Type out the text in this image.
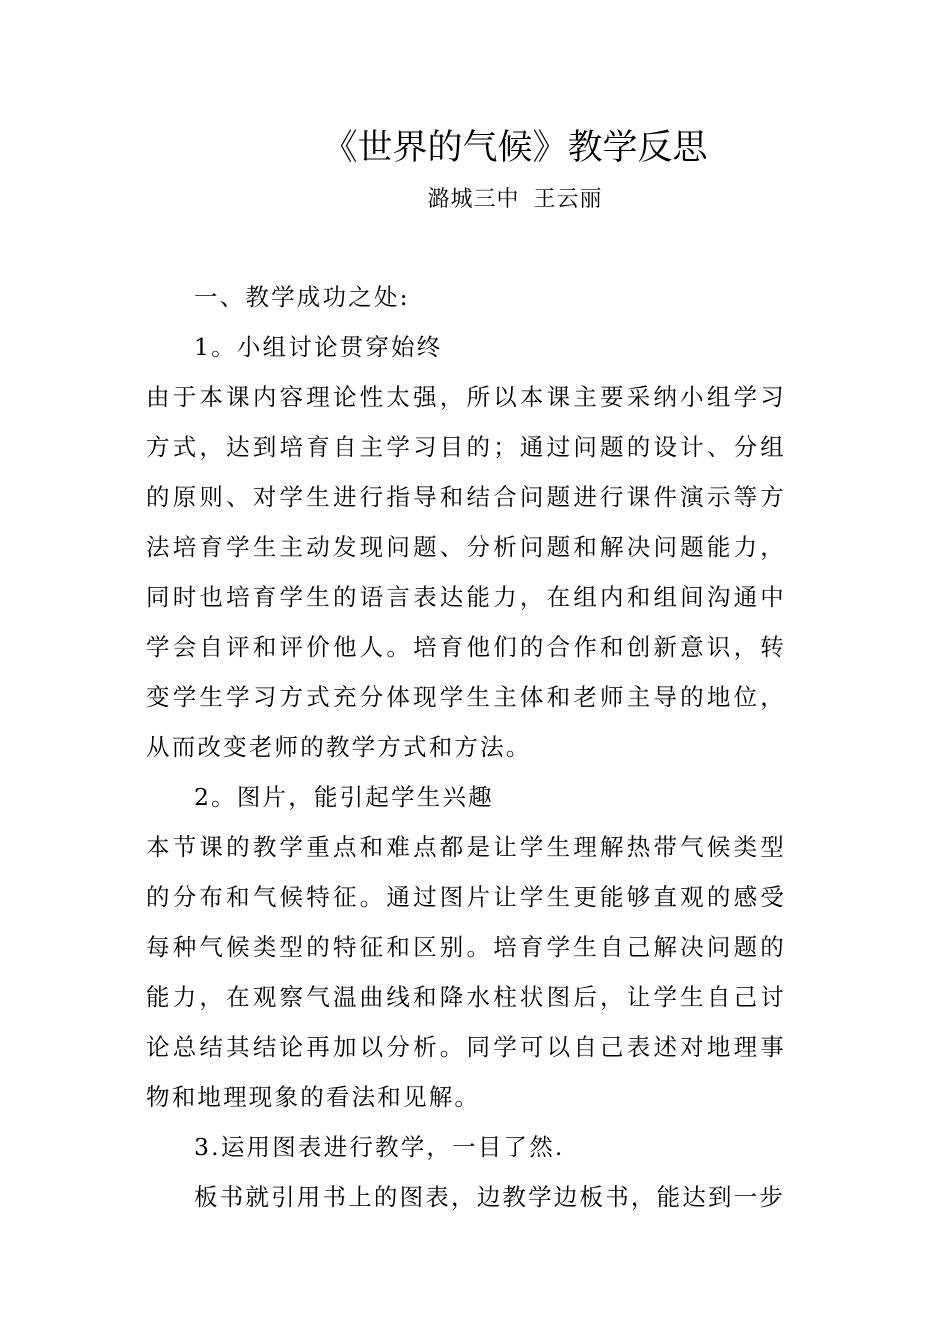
《世界的气候》教学反思
潞城三中 王云丽

一、教学成功之处:

1。小组讨论贯穿始终

由于本课内容理论性太强，所以本课主要采纳小组学习方式，达到培育自主学习目的；通过问题的设计、分组的原则、对学生进行指导和结合问题进行课件演示等方法培育学生主动发现问题、分析问题和解决问题能力，同时也培育学生的语言表达能力，在组内和组间沟通中学会自评和评价他人。培育他们的合作和创新意识，转变学生学习方式充分体现学生主体和老师主导的地位，从而改变老师的教学方式和方法。

2。图片，能引起学生兴趣

本节课的教学重点和难点都是让学生理解热带气候类型的分布和气候特征。通过图片让学生更能够直观的感受每种气候类型的特征和区别。培育学生自己解决问题的能力，在观察气温曲线和降水柱状图后，让学生自己讨论总结其结论再加以分析。同学可以自己表述对地理事物和地理现象的看法和见解。

3.运用图表进行教学，一目了然.

板书就引用书上的图表，边教学边板书，能达到一步
